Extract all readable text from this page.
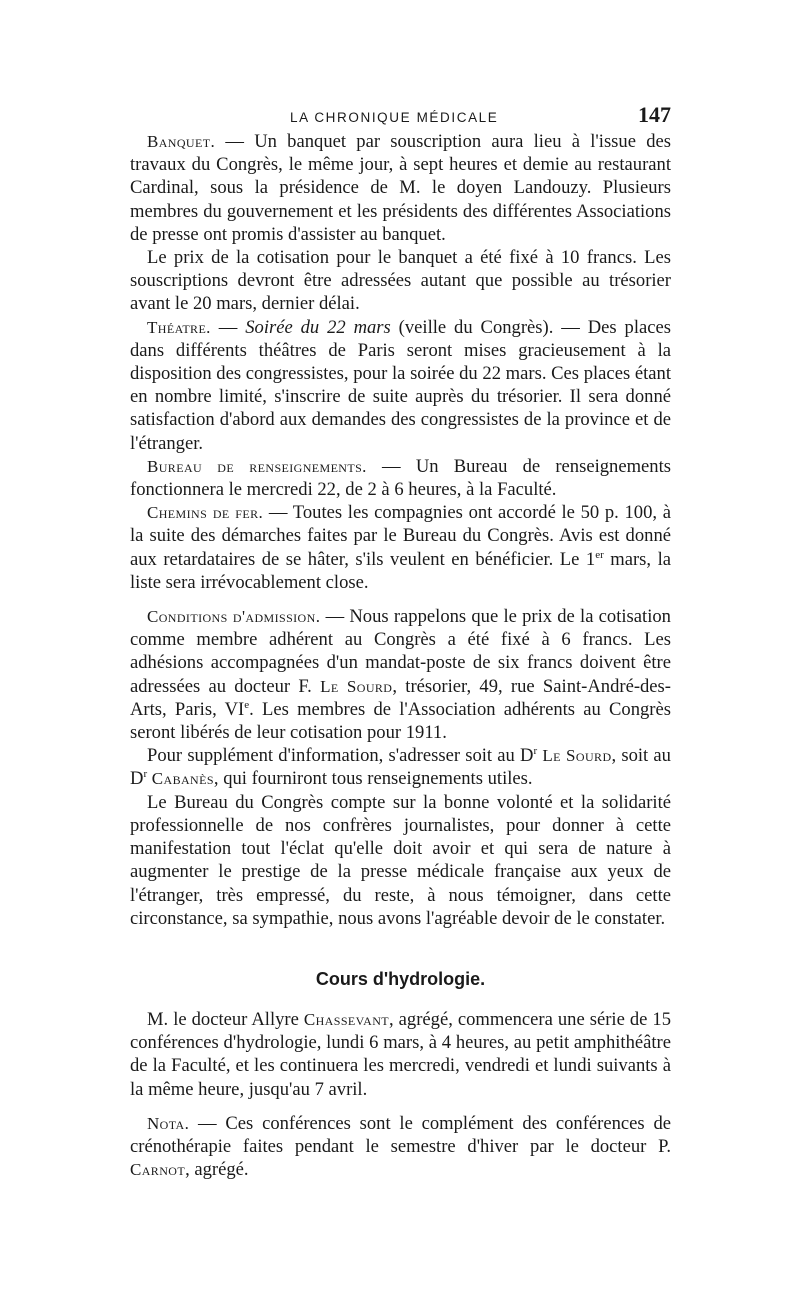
LA CHRONIQUE MÉDICALE	147

Banquet. — Un banquet par souscription aura lieu à l'issue des travaux du Congrès, le même jour, à sept heures et demie au restaurant Cardinal, sous la présidence de M. le doyen Landouzy. Plusieurs membres du gouvernement et les présidents des différentes Associations de presse ont promis d'assister au banquet.

Le prix de la cotisation pour le banquet a été fixé à 10 francs. Les souscriptions devront être adressées autant que possible au trésorier avant le 20 mars, dernier délai.

Théatre. — Soirée du 22 mars (veille du Congrès). — Des places dans différents théâtres de Paris seront mises gracieusement à la disposition des congressistes, pour la soirée du 22 mars. Ces places étant en nombre limité, s'inscrire de suite auprès du trésorier. Il sera donné satisfaction d'abord aux demandes des congressistes de la province et de l'étranger.

Bureau de renseignements. — Un Bureau de renseignements fonctionnera le mercredi 22, de 2 à 6 heures, à la Faculté.

Chemins de fer. — Toutes les compagnies ont accordé le 50 p. 100, à la suite des démarches faites par le Bureau du Congrès. Avis est donné aux retardataires de se hâter, s'ils veulent en bénéficier. Le 1er mars, la liste sera irrévocablement close.

Conditions d'admission. — Nous rappelons que le prix de la cotisation comme membre adhérent au Congrès a été fixé à 6 francs. Les adhésions accompagnées d'un mandat-poste de six francs doivent être adressées au docteur F. Le Sourd, trésorier, 49, rue Saint-André-des-Arts, Paris, VIe. Les membres de l'Association adhérents au Congrès seront libérés de leur cotisation pour 1911.

Pour supplément d'information, s'adresser soit au $D^r$ Le Sourd, soit au $D^r$ Cabanès, qui fourniront tous renseignements utiles.

Le Bureau du Congrès compte sur la bonne volonté et la solidarité professionnelle de nos confrères journalistes, pour donner à cette manifestation tout l'éclat qu'elle doit avoir et qui sera de nature à augmenter le prestige de la presse médicale française aux yeux de l'étranger, très empressé, du reste, à nous témoigner, dans cette circonstance, sa sympathie, nous avons l'agréable devoir de le constater.

Cours d'hydrologie.

M. le docteur Allyre Chassevant, agrégé, commencera une série de 15 conférences d'hydrologie, lundi 6 mars, à 4 heures, au petit amphithéâtre de la Faculté, et les continuera les mercredi, vendredi et lundi suivants à la même heure, jusqu'au 7 avril.

Nota. — Ces conférences sont le complément des conférences de crénothérapie faites pendant le semestre d'hiver par le docteur P. Carnot, agrégé.
